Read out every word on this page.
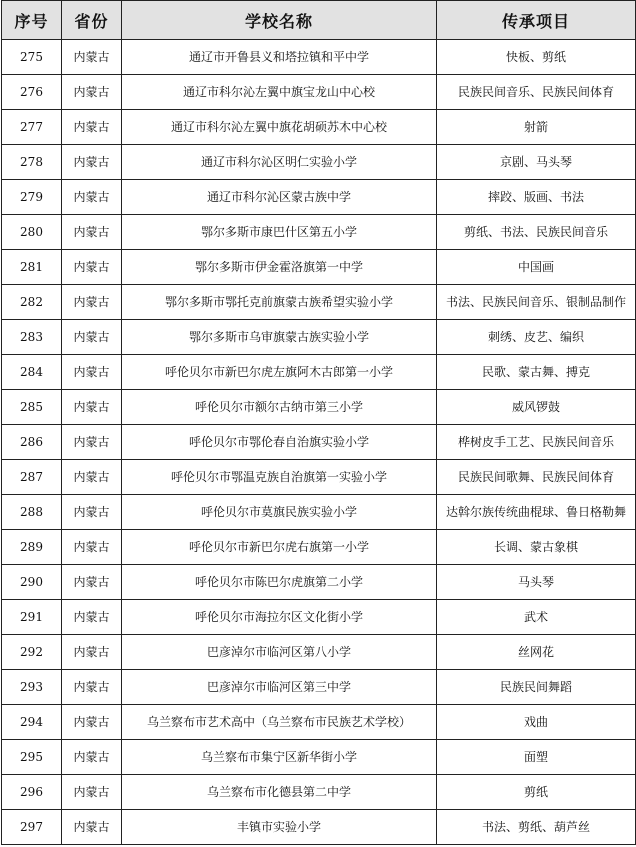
序号	省份	学校名称	传承项目
275	内蒙古	通辽市开鲁县义和塔拉镇和平中学	快板、剪纸
276	内蒙古	通辽市科尔沁左翼中旗宝龙山中心校	民族民间音乐、民族民间体育
277	内蒙古	通辽市科尔沁左翼中旗花胡硕苏木中心校	射箭
278	内蒙古	通辽市科尔沁区明仁实验小学	京剧、马头琴
279	内蒙古	通辽市科尔沁区蒙古族中学	摔跤、版画、书法
280	内蒙古	鄂尔多斯市康巴什区第五小学	剪纸、书法、民族民间音乐
281	内蒙古	鄂尔多斯市伊金霍洛旗第一中学	中国画
282	内蒙古	鄂尔多斯市鄂托克前旗蒙古族希望实验小学	书法、民族民间音乐、银制品制作
283	内蒙古	鄂尔多斯市乌审旗蒙古族实验小学	刺绣、皮艺、编织
284	内蒙古	呼伦贝尔市新巴尔虎左旗阿木古郎第一小学	民歌、蒙古舞、搏克
285	内蒙古	呼伦贝尔市额尔古纳市第三小学	威风锣鼓
286	内蒙古	呼伦贝尔市鄂伦春自治旗实验小学	桦树皮手工艺、民族民间音乐
287	内蒙古	呼伦贝尔市鄂温克族自治旗第一实验小学	民族民间歌舞、民族民间体育
288	内蒙古	呼伦贝尔市莫旗民族实验小学	达斡尔族传统曲棍球、鲁日格勒舞
289	内蒙古	呼伦贝尔市新巴尔虎右旗第一小学	长调、蒙古象棋
290	内蒙古	呼伦贝尔市陈巴尔虎旗第二小学	马头琴
291	内蒙古	呼伦贝尔市海拉尔区文化街小学	武术
292	内蒙古	巴彦淖尔市临河区第八小学	丝网花
293	内蒙古	巴彦淖尔市临河区第三中学	民族民间舞蹈
294	内蒙古	乌兰察布市艺术高中（乌兰察布市民族艺术学校）	戏曲
295	内蒙古	乌兰察布市集宁区新华街小学	面塑
296	内蒙古	乌兰察布市化德县第二中学	剪纸
297	内蒙古	丰镇市实验小学	书法、剪纸、葫芦丝
